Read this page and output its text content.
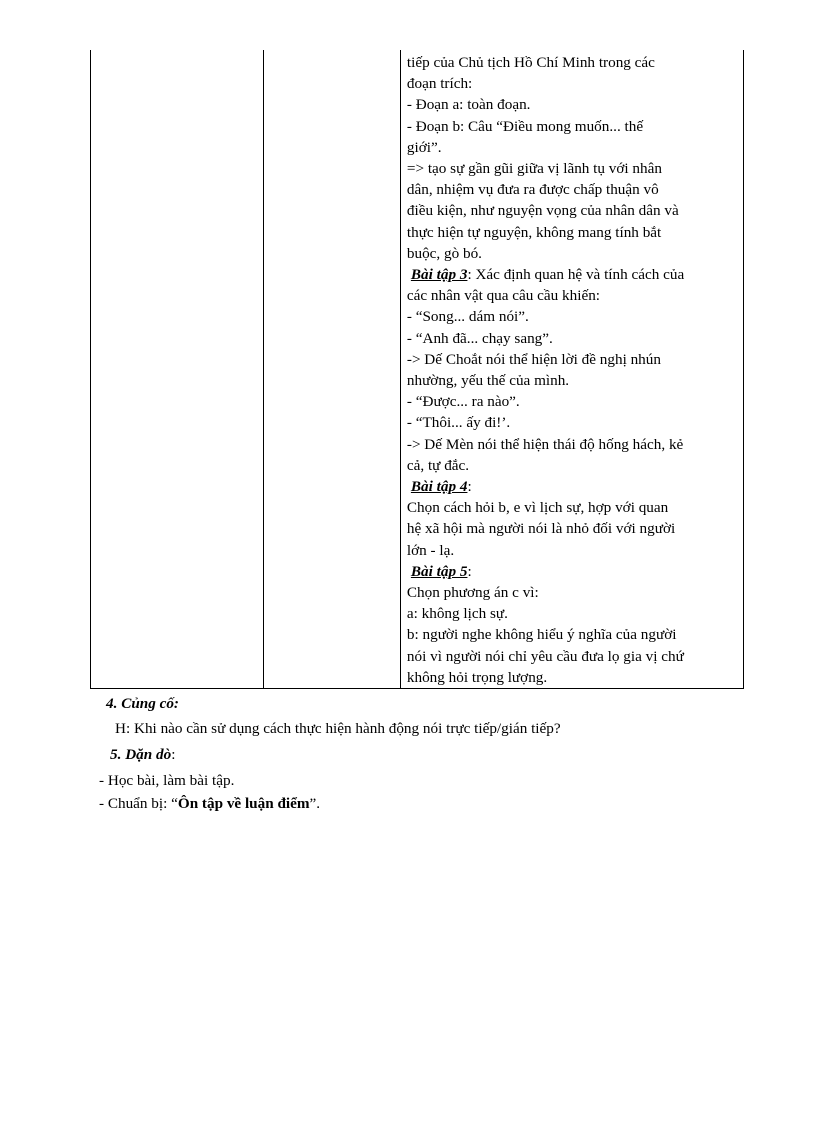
tiếp của Chủ tịch Hồ Chí Minh trong các
đoạn trích:
- Đoạn a: toàn đoạn.
- Đoạn b: Câu “Điều mong muốn... thế
giới”.
=> tạo sự gần gũi giữa vị lãnh tụ với nhân
dân, nhiệm vụ đưa ra được chấp thuận vô
điều kiện, như nguyện vọng của nhân dân và
thực hiện tự nguyện, không mang tính bắt
buộc, gò bó.
Bài tập 3: Xác định quan hệ và tính cách của
các nhân vật qua câu cầu khiến:
- “Song... dám nói”.
- “Anh đã... chạy sang”.
-> Dế Choắt nói thể hiện lời đề nghị nhún
nhường, yếu thế của mình.
- “Được... ra nào”.
- “Thôi... ấy đi!’.
-> Dế Mèn nói thể hiện thái độ hống hách, kẻ
cả, tự đắc.
Bài tập 4:
Chọn cách hỏi b, e vì lịch sự, hợp với quan
hệ xã hội mà người nói là nhỏ đối với người
lớn - lạ.
Bài tập 5:
Chọn phương án c vì:
a: không lịch sự.
b: người nghe không hiểu ý nghĩa của người
nói vì người nói chỉ yêu cầu đưa lọ gia vị chứ
không hỏi trọng lượng.
4. Củng cố:
H: Khi nào cần sử dụng cách thực hiện hành động nói trực tiếp/gián tiếp?
5. Dặn dò:
- Học bài, làm bài tập.
- Chuẩn bị: “Ôn tập về luận điểm”.
